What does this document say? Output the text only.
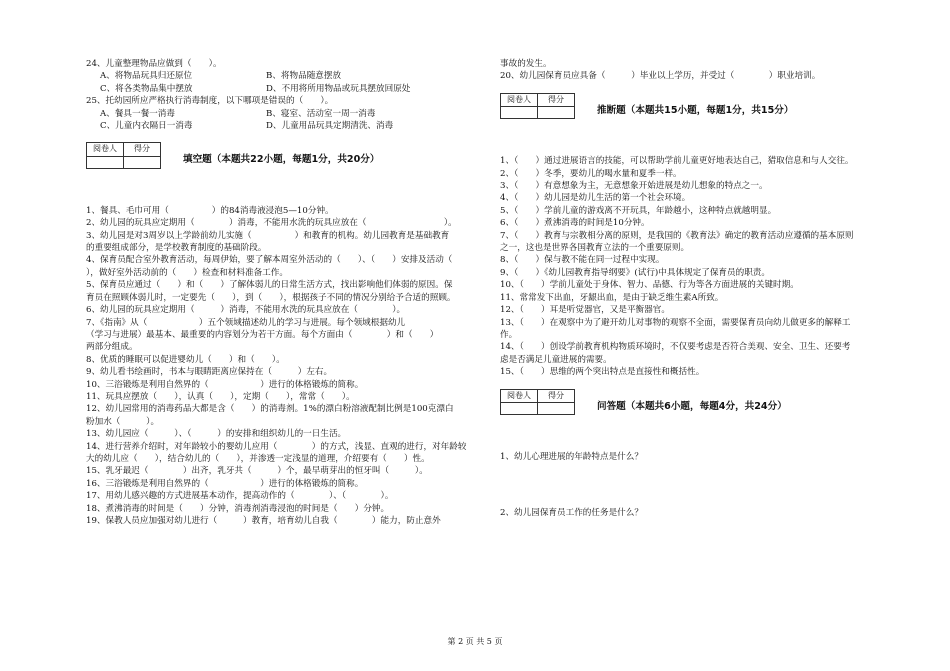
24、儿童整理物品应做到（　　）。
A、将物品玩具归还原位	B、将物品随意摆放
C、将各类物品集中摆放	D、不用将所用物品或玩具摆放回原处
25、托幼园所应严格执行消毒制度，以下哪项是错误的（　　）。
A、餐具一餐一消毒	B、寝室、活动室一周一消毒
C、儿童内衣隔日一消毒	D、儿童用品玩具定期清洗、消毒
阅卷人	得分

填空题（本题共22小题，每题1分，共20分）
1、餐具、毛巾可用（　　　　　）的84消毒液浸泡5—10分钟。
2、幼儿园的玩具应定期用（　　　　）消毒，不能用水洗的玩具应放在（　　　　　　　　　）。
3、幼儿园是对3周岁以上学龄前幼儿实施（　　　　　）和教育的机构。幼儿园教育是基础教育
的重要组成部分，是学校教育制度的基础阶段。
4、保育员配合室外教育活动，每周伊始，要了解本周室外活动的（　　）、（　　）安排及活动（　　
），做好室外活动前的（　　）检查和材料准备工作。
5、保育员应通过（　　）和（　　）了解体弱儿的日常生活方式，找出影响他们体弱的原因。保
育员在照顾体弱儿时，一定要先（　　），到（　　），根据孩子不同的情况分别给予合适的照顾。
6、幼儿园的玩具应定期用（　　　）消毒，不能用水洗的玩具应放在（　　　　）。
7、《指南》从（　　　　　　）五个领域描述幼儿的学习与进展。每个领域根据幼儿
（学习与进展）最基本、最重要的内容划分为若干方面。每个方面由（　　　　）和（　　）
两部分组成。
8、优质的睡眠可以促进婴幼儿（　　）和（　　）。
9、幼儿看书绘画时，书本与眼睛距离应保持在（　　　）左右。
10、三浴锻炼是利用自然界的（　　　　　　）进行的体格锻炼的简称。
11、玩具应摆放（　　），认真（　　），定期（　　），常常（　　）。
12、幼儿园常用的消毒药品大都是含（　　）的消毒剂。1%的漂白粉溶液配制比例是100克漂白
粉加水（　　　）。
13、幼儿园应（　　　）、（　　　）的安排和组织幼儿的一日生活。
14、进行营养介绍时，对年龄较小的婴幼儿应用（　　　　）的方式，浅显、直观的进行，对年龄较
大的幼儿应（　　），结合幼儿的（　　），并渗透一定浅显的道理，介绍要有（　　）性。
15、乳牙最迟（　　　　）出齐，乳牙共（　　　）个，最早萌芽出的恒牙叫（　　　）。
16、三浴锻炼是利用自然界的（　　　　　　）进行的体格锻炼的简称。
17、用幼儿感兴趣的方式进展基本动作，提高动作的（　　　　）、（　　　　）。
18、煮沸消毒的时间是（　　）分钟，消毒剂消毒浸泡的时间是（　　）分钟。
19、保教人员应加强对幼儿进行（　　　）教育，培育幼儿自我（　　　　）能力，防止意外
事故的发生。
20、幼儿园保育员应具备（　　　）毕业以上学历，并受过（　　　　）职业培训。
阅卷人	得分

推断题（本题共15小题，每题1分，共15分）
1、（　　）通过进展语言的技能，可以帮助学前儿童更好地表达自己，猎取信息和与人交往。
2、（　　）冬季，要幼儿的喝水量和夏季一样。
3、（　　）有意想象为主，无意想象开始进展是幼儿想象的特点之一。
4、（　　）幼儿园是幼儿生活的第一个社会环境。
5、（　　）学前儿童的游戏离不开玩具，年龄越小，这种特点就越明显。
6、（　　）煮沸消毒的时间是10分钟。
7、（　　）教育与宗教相分离的原则，是我国的《教育法》确定的教育活动应遵循的基本原则
之一，这也是世界各国教育立法的一个重要原则。
8、（　　）保与教不能在同一过程中实现。
9、（　　）《幼儿园教育指导纲要》(试行)中具体规定了保育员的职责。
10、（　　）学前儿童处于身体、智力、品德、行为等各方面进展的关键时期。
11、常常发下出血，牙龈出血，是由于缺乏维生素A所致。
12、（　　）耳是听觉器官，又是平衡器官。
13、（　　）在观察中为了避开幼儿对事物的观察不全面，需要保育员向幼儿做更多的解释工
作。
14、（　　）创设学前教育机构物质环境时，不仅要考虑是否符合美观、安全、卫生、还要考
虑是否满足儿童进展的需要。
15、（　　）思维的两个突出特点是直接性和概括性。
阅卷人	得分

问答题（本题共6小题，每题4分，共24分）
1、幼儿心理进展的年龄特点是什么？
2、幼儿园保育员工作的任务是什么？
第 2 页 共 5 页
